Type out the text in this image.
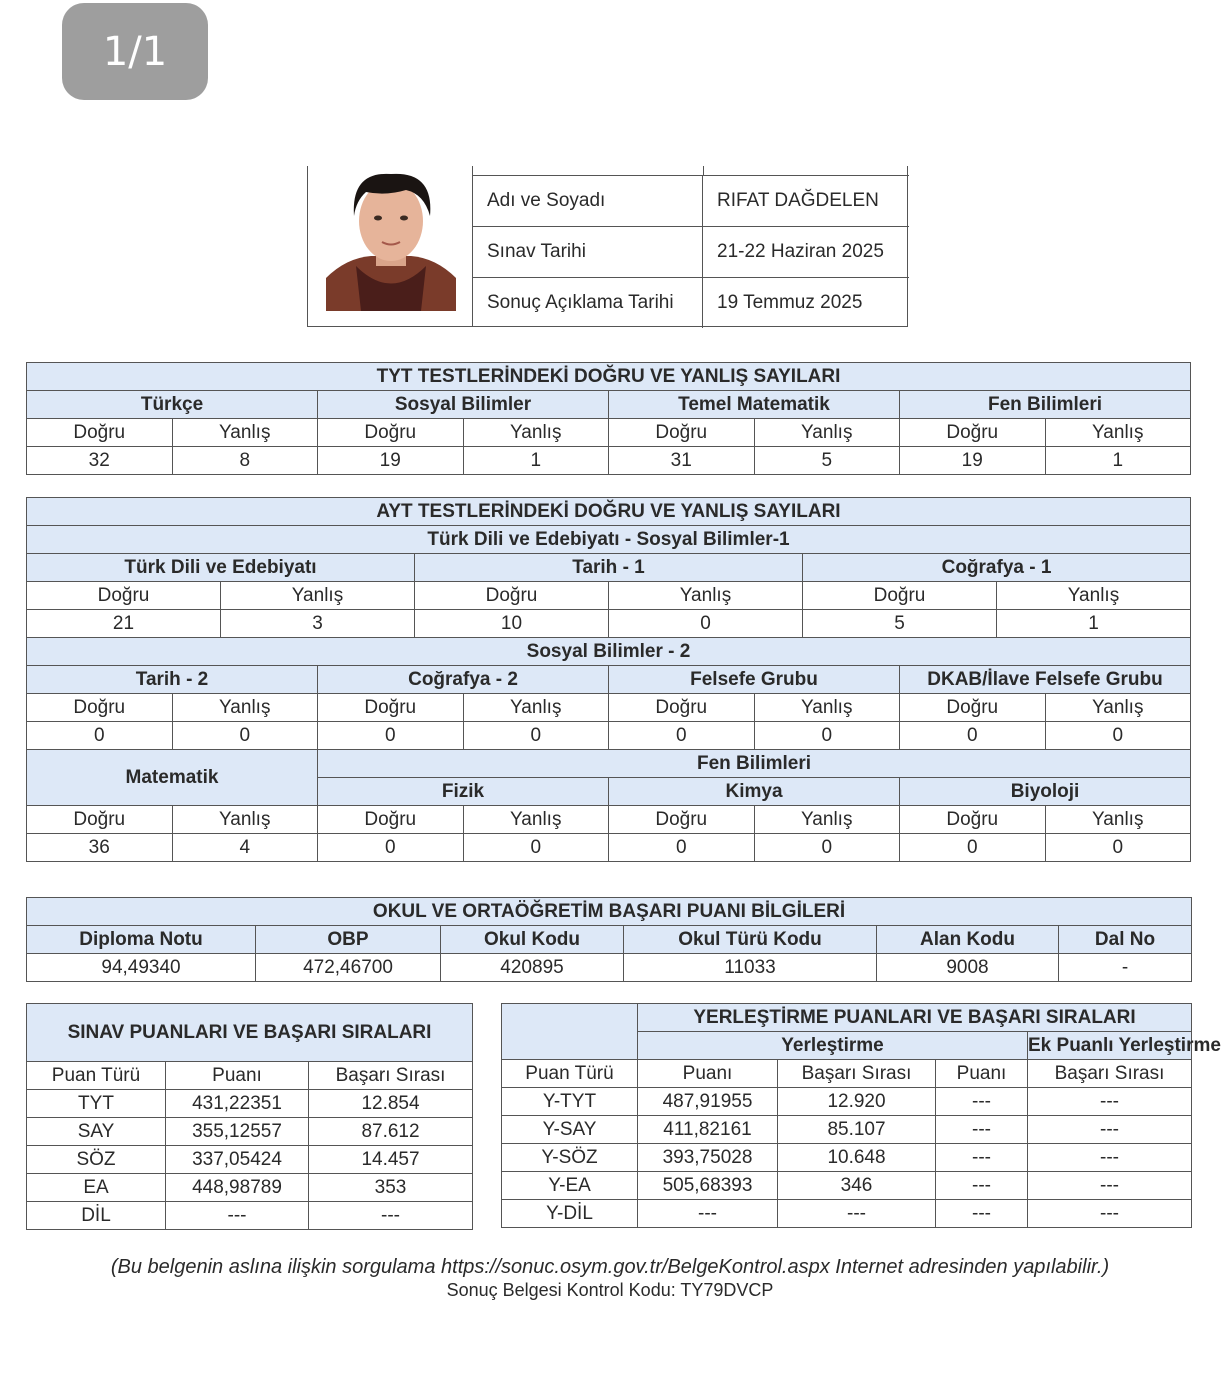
1/1
Adı ve Soyadı	RIFAT DAĞDELEN
Sınav Tarihi	21-22 Haziran 2025
Sonuç Açıklama Tarihi	19 Temmuz 2025
TYT TESTLERİNDEKİ DOĞRU VE YANLIŞ SAYILARI							
Türkçe		Sosyal Bilimler		Temel Matematik		Fen Bilimleri	
Doğru	Yanlış	Doğru	Yanlış	Doğru	Yanlış	Doğru	Yanlış
32	8	19	1	31	5	19	1
AYT TESTLERİNDEKİ DOĞRU VE YANLIŞ SAYILARI											
Türk Dili ve Edebiyatı - Sosyal Bilimler-1											
Türk Dili ve Edebiyatı				Tarih - 1				Coğrafya - 1			
Doğru		Yanlış		Doğru		Yanlış		Doğru		Yanlış	
21		3		10		0		5		1	
Sosyal Bilimler - 2											
Tarih - 2			Coğrafya - 2			Felsefe Grubu			DKAB/İlave Felsefe Grubu		
Doğru	Yanlış		Doğru		Yanlış	Doğru	Yanlış		Doğru		Yanlış
0	0		0		0	0	0		0		0
Matematik			Fen Bilimleri								
			Fizik			Kimya			Biyoloji		
Doğru	Yanlış		Doğru		Yanlış	Doğru	Yanlış		Doğru		Yanlış
36	4		0		0	0	0		0		0
OKUL VE ORTAÖĞRETİM BAŞARI PUANI BİLGİLERİ					
Diploma Notu	OBP	Okul Kodu	Okul Türü Kodu	Alan Kodu	Dal No
94,49340	472,46700	420895	11033	9008	-
SINAV PUANLARI VE BAŞARI SIRALARI		

Puan Türü	Puanı	Başarı Sırası
TYT	431,22351	12.854
SAY	355,12557	87.612
SÖZ	337,05424	14.457
EA	448,98789	353
DİL	---	---
	YERLEŞTİRME PUANLARI VE BAŞARI SIRALARI			
	Yerleştirme			Ek Puanlı Yerleştirme
Puan Türü	Puanı	Başarı Sırası	Puanı	Başarı Sırası
Y-TYT	487,91955	12.920	---	---
Y-SAY	411,82161	85.107	---	---
Y-SÖZ	393,75028	10.648	---	---
Y-EA	505,68393	346	---	---
Y-DİL	---	---	---	---
(Bu belgenin aslına ilişkin sorgulama https://sonuc.osym.gov.tr/BelgeKontrol.aspx Internet adresinden yapılabilir.)
Sonuç Belgesi Kontrol Kodu: TY79DVCP
